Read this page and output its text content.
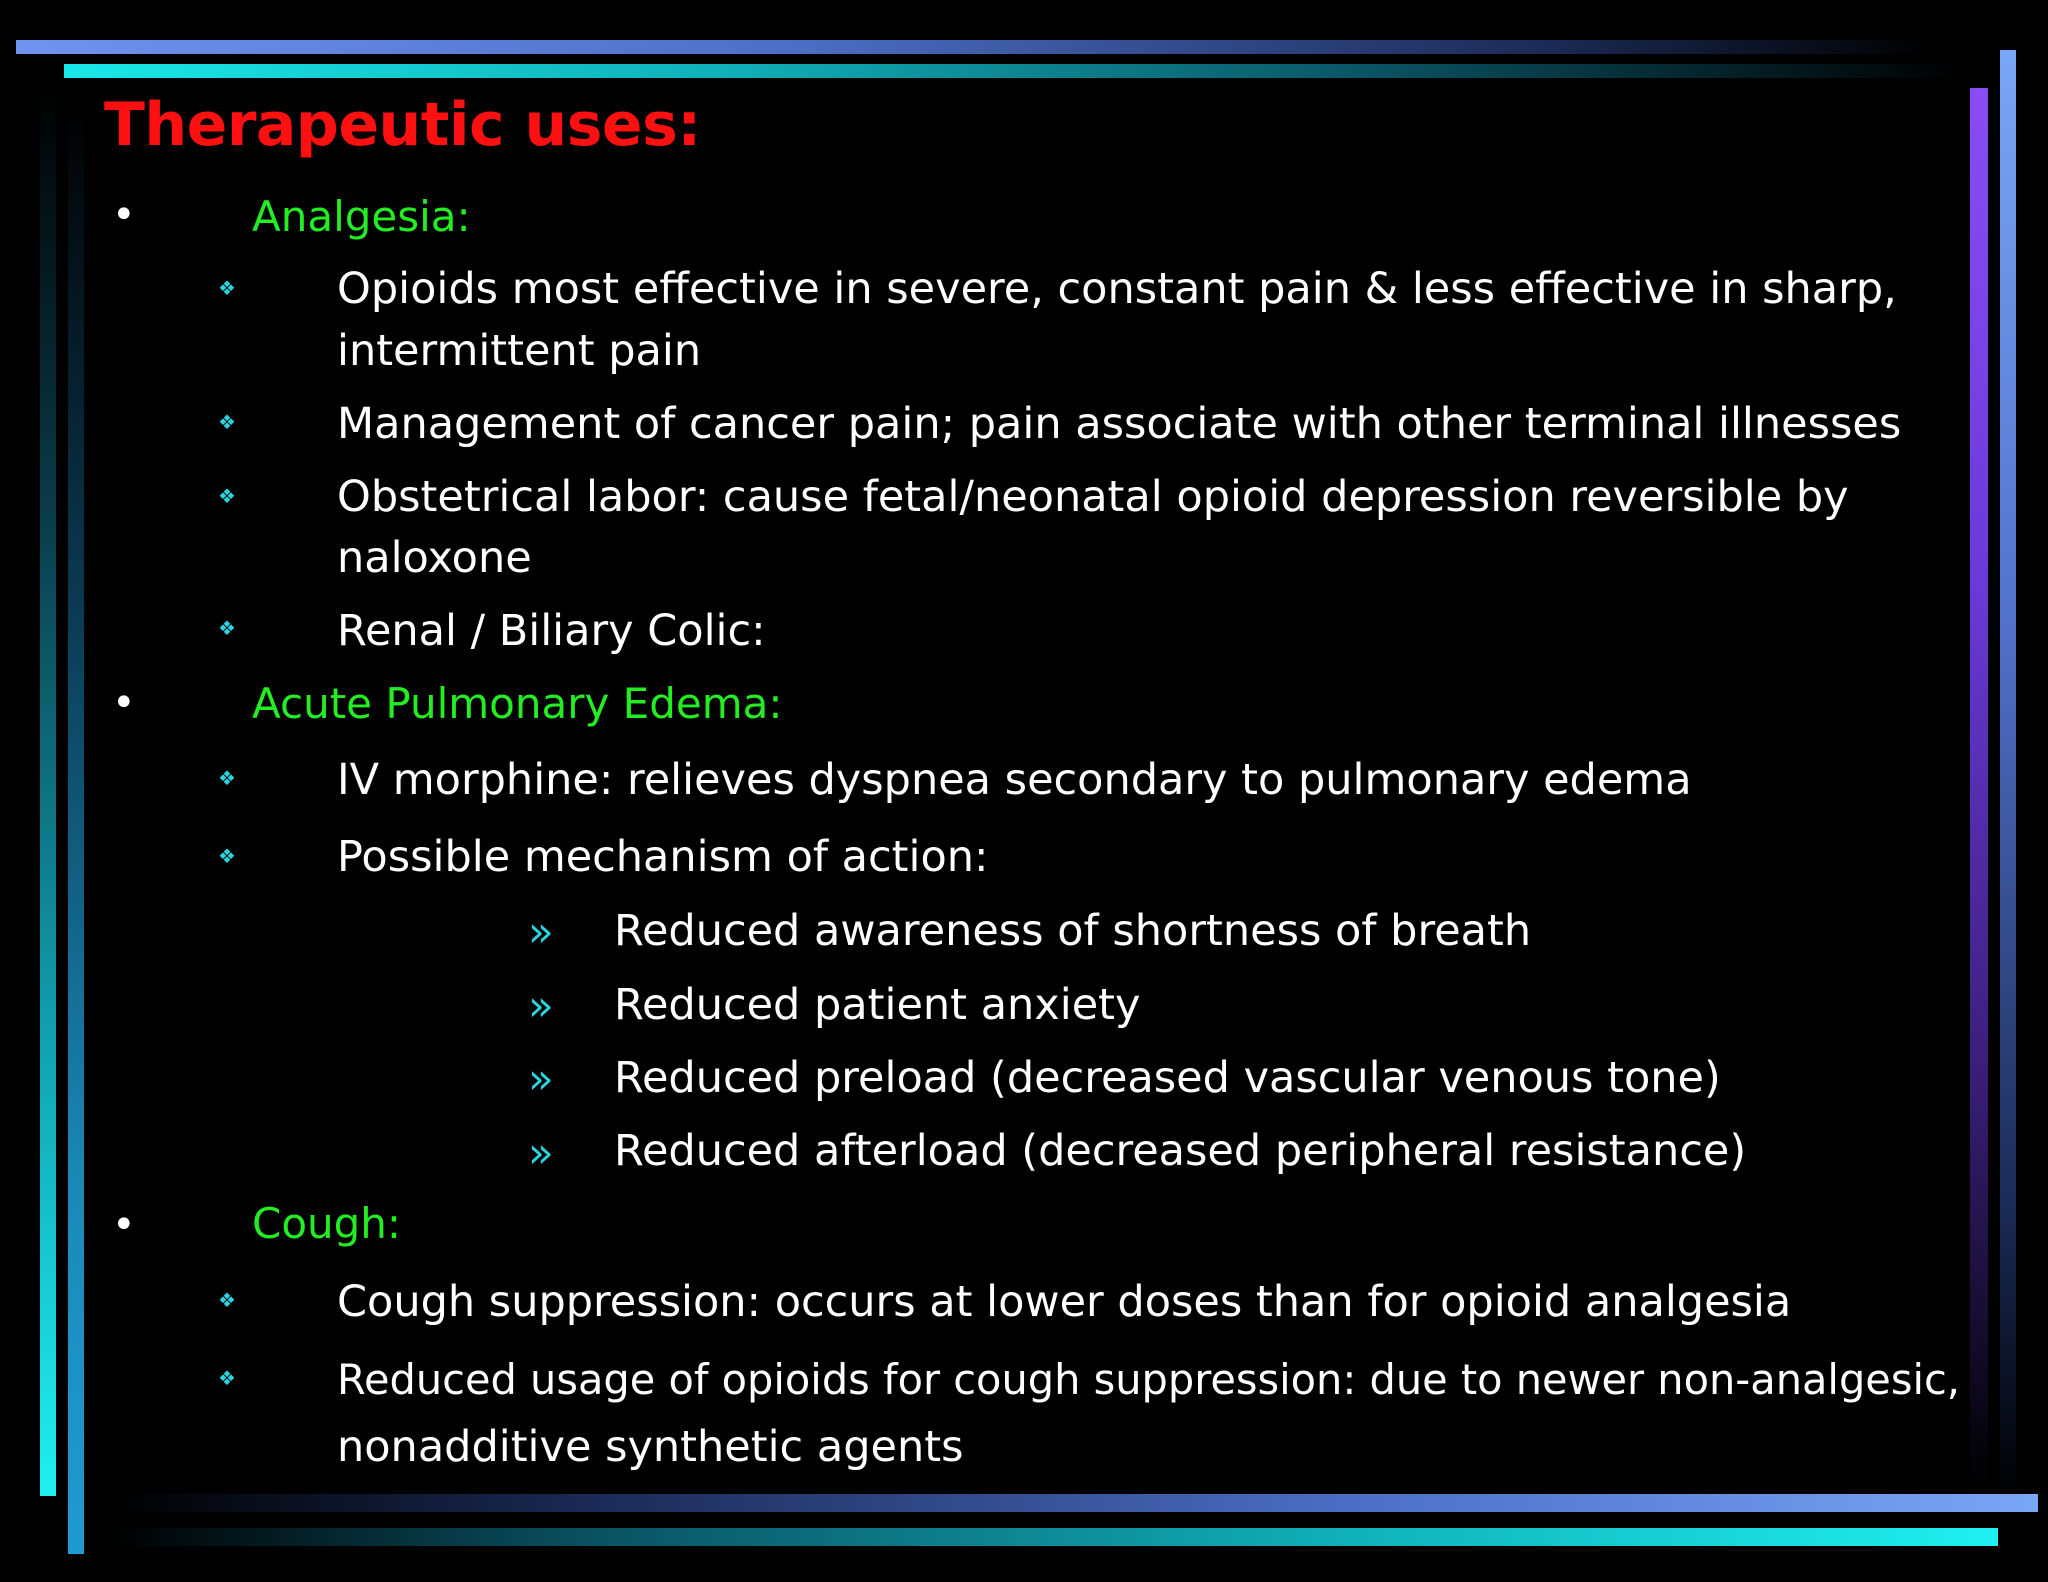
Therapeutic uses:
•	Analgesia:
❖ Opioids most effective in severe, constant pain & less effective in sharp,
intermittent pain
❖ Management of cancer pain; pain associate with other terminal illnesses
❖ Obstetrical labor: cause fetal/neonatal opioid depression reversible by
naloxone
❖ Renal / Biliary Colic:
•	Acute Pulmonary Edema:
❖ IV morphine: relieves dyspnea secondary to pulmonary edema
❖ Possible mechanism of action:
» Reduced awareness of shortness of breath
» Reduced patient anxiety
» Reduced preload (decreased vascular venous tone)
» Reduced afterload (decreased peripheral resistance)
•	Cough:
❖ Cough suppression: occurs at lower doses than for opioid analgesia
❖ Reduced usage of opioids for cough suppression: due to newer non-analgesic,
nonadditive synthetic agents
